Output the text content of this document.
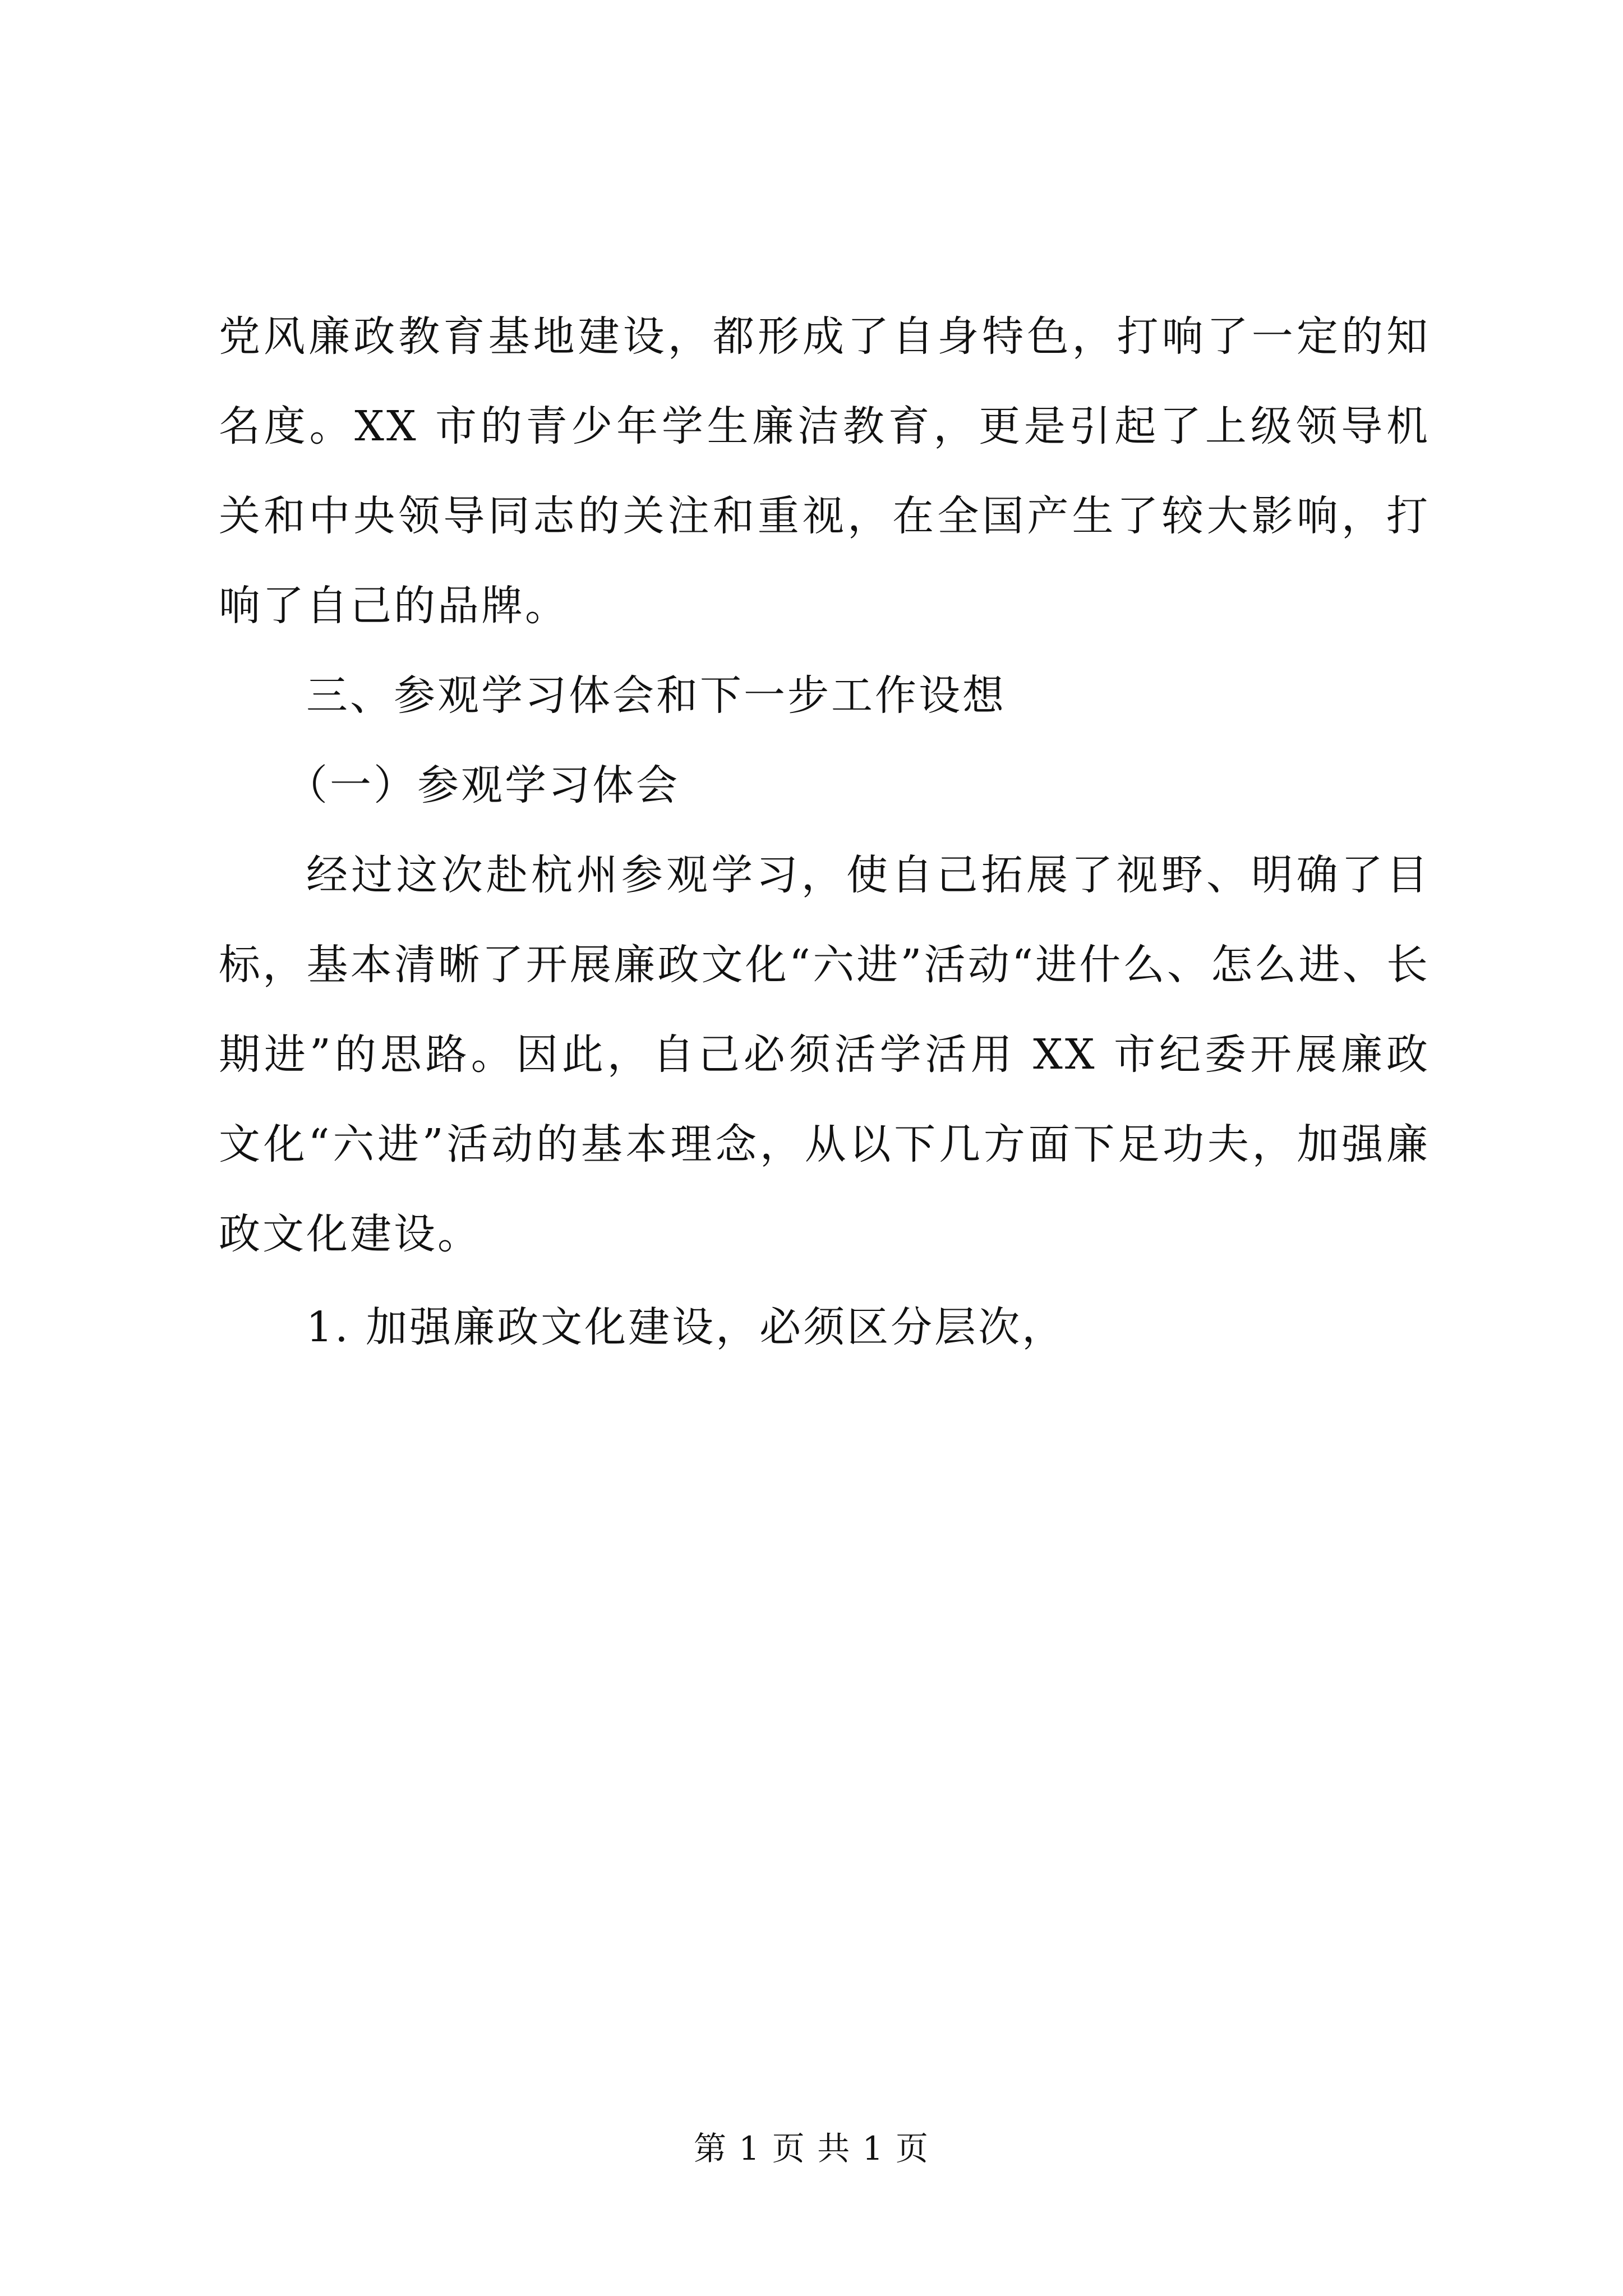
党风廉政教育基地建设，都形成了自身特色，打响了一定的知名度。XX 市的青少年学生廉洁教育，更是引起了上级领导机关和中央领导同志的关注和重视，在全国产生了较大影响，打响了自己的品牌。

三、参观学习体会和下一步工作设想

（一）参观学习体会

经过这次赴杭州参观学习，使自己拓展了视野、明确了目标，基本清晰了开展廉政文化“六进”活动“进什么、怎么进、长期进”的思路。因此，自己必须活学活用 XX 市纪委开展廉政文化“六进”活动的基本理念，从以下几方面下足功夫，加强廉政文化建设。

1. 加强廉政文化建设，必须区分层次，

第 1 页 共 1 页
